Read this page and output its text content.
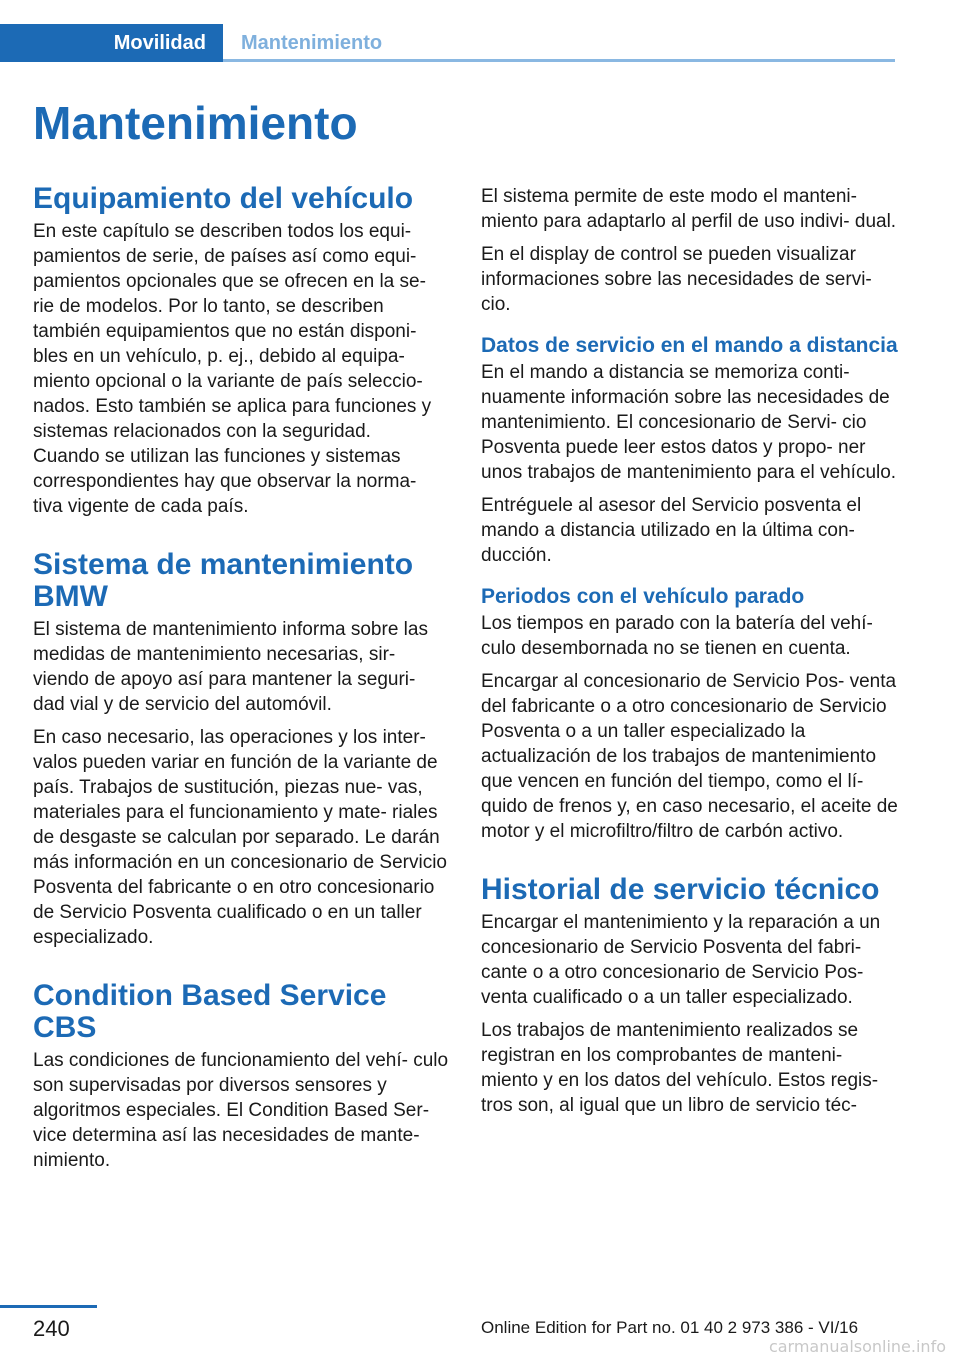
Movilidad	Mantenimiento
Mantenimiento
Equipamiento del vehículo

En este capítulo se describen todos los equi‐ pamientos de serie, de países así como equi‐ pamientos opcionales que se ofrecen en la se‐ rie de modelos. Por lo tanto, se describen también equipamientos que no están disponi‐ bles en un vehículo, p. ej., debido al equipa‐ miento opcional o la variante de país seleccio‐ nados. Esto también se aplica para funciones y sistemas relacionados con la seguridad.

Cuando se utilizan las funciones y sistemas correspondientes hay que observar la norma‐ tiva vigente de cada país.

Sistema de mantenimiento BMW

El sistema de mantenimiento informa sobre las medidas de mantenimiento necesarias, sir‐ viendo de apoyo así para mantener la seguri‐ dad vial y de servicio del automóvil.

En caso necesario, las operaciones y los inter‐ valos pueden variar en función de la variante de país. Trabajos de sustitución, piezas nue‐ vas, materiales para el funcionamiento y mate‐ riales de desgaste se calculan por separado. Le darán más información en un concesionario de Servicio Posventa del fabricante o en otro concesionario de Servicio Posventa cualificado o en un taller especializado.

Condition Based Service CBS

Las condiciones de funcionamiento del vehí‐ culo son supervisadas por diversos sensores y algoritmos especiales. El Condition Based Ser‐ vice determina así las necesidades de mante‐ nimiento.

El sistema permite de este modo el manteni‐ miento para adaptarlo al perfil de uso indivi‐ dual.

En el display de control se pueden visualizar informaciones sobre las necesidades de servi‐ cio.

Datos de servicio en el mando a distancia

En el mando a distancia se memoriza conti‐ nuamente información sobre las necesidades de mantenimiento. El concesionario de Servi‐ cio Posventa puede leer estos datos y propo‐ ner unos trabajos de mantenimiento para el vehículo.

Entréguele al asesor del Servicio posventa el mando a distancia utilizado en la última con‐ ducción.

Periodos con el vehículo parado

Los tiempos en parado con la batería del vehí‐ culo desembornada no se tienen en cuenta.

Encargar al concesionario de Servicio Pos‐ venta del fabricante o a otro concesionario de Servicio Posventa o a un taller especializado la actualización de los trabajos de mantenimiento que vencen en función del tiempo, como el lí‐ quido de frenos y, en caso necesario, el aceite de motor y el microfiltro/filtro de carbón activo.

Historial de servicio técnico

Encargar el mantenimiento y la reparación a un concesionario de Servicio Posventa del fabri‐ cante o a otro concesionario de Servicio Pos‐ venta cualificado o a un taller especializado.

Los trabajos de mantenimiento realizados se registran en los comprobantes de manteni‐ miento y en los datos del vehículo. Estos regis‐ tros son, al igual que un libro de servicio téc‐

240	Online Edition for Part no. 01 40 2 973 386 - VI/16
carmanualsonline.info
